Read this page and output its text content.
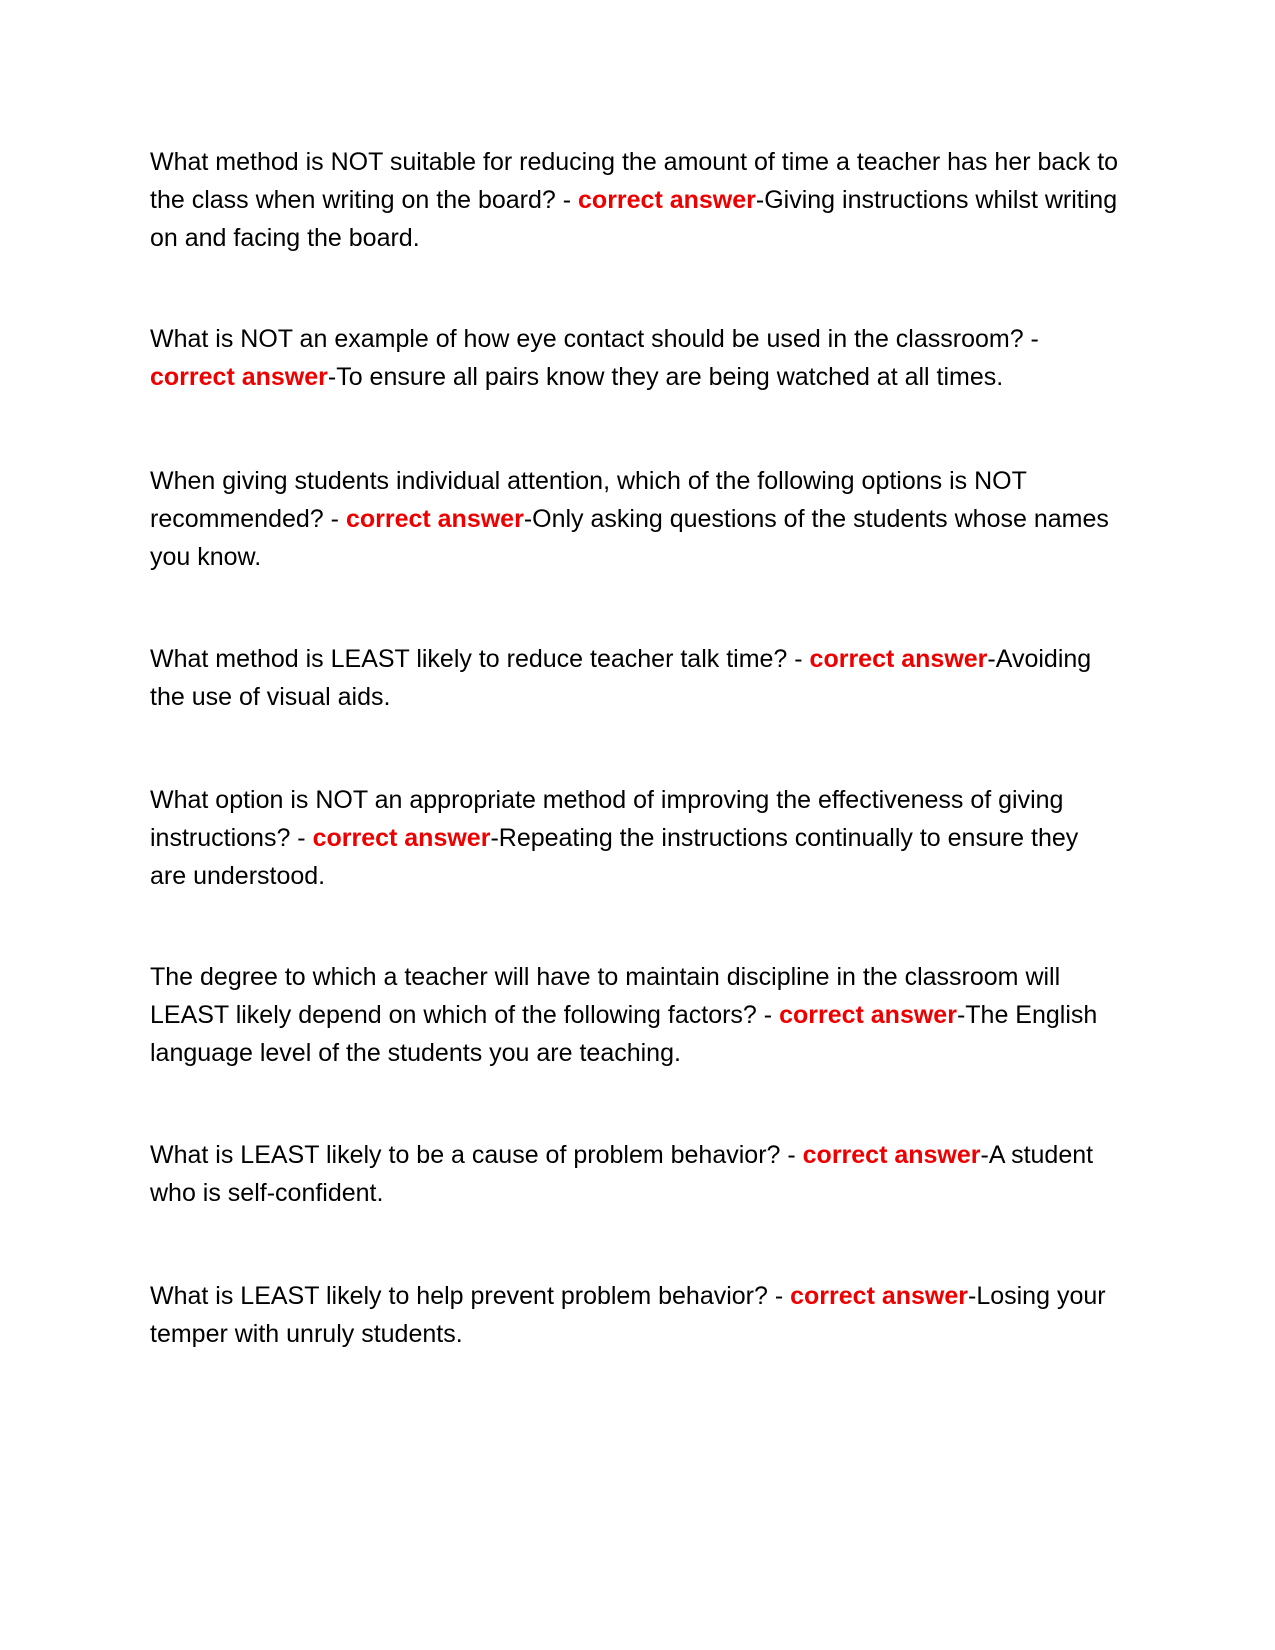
What method is NOT suitable for reducing the amount of time a teacher has her back to the class when writing on the board? - correct answer-Giving instructions whilst writing on and facing the board.

What is NOT an example of how eye contact should be used in the classroom? - correct answer-To ensure all pairs know they are being watched at all times.

When giving students individual attention, which of the following options is NOT recommended? - correct answer-Only asking questions of the students whose names you know.

What method is LEAST likely to reduce teacher talk time? - correct answer-Avoiding the use of visual aids.

What option is NOT an appropriate method of improving the effectiveness of giving instructions? - correct answer-Repeating the instructions continually to ensure they are understood.

The degree to which a teacher will have to maintain discipline in the classroom will LEAST likely depend on which of the following factors? - correct answer-The English language level of the students you are teaching.

What is LEAST likely to be a cause of problem behavior? - correct answer-A student who is self-confident.

What is LEAST likely to help prevent problem behavior? - correct answer-Losing your temper with unruly students.
